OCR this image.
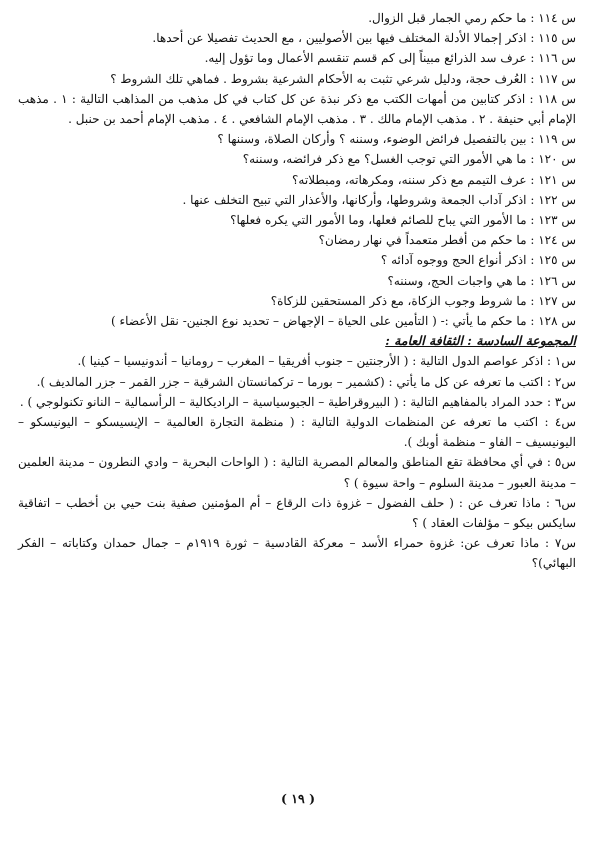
س ١١٤ : ما حكم رمي الجمار قبل الزوال.

س ١١٥ : اذكر إجمالا الأدلة المختلف فيها بين الأصوليين ، مع الحديث تفصيلا عن أحدها.

س ١١٦ : عرف سد الذرائع مبيناً إلى كم قسم تنقسم الأعمال وما تؤول إليه.

س ١١٧ : العُرف حجة، ودليل شرعي تثبت به الأحكام الشرعية بشروط . فماهي تلك الشروط ؟

س ١١٨ : اذكر كتابين من أمهات الكتب مع ذكر نبذة عن كل كتاب في كل مذهب من المذاهب التالية : ١ . مذهب الإمام أبي حنيفة . ٢ . مذهب الإمام مالك . ٣ . مذهب الإمام الشافعي . ٤ . مذهب الإمام أحمد بن حنبل .

س ١١٩ : بين بالتفصيل فرائض الوضوء، وسننه ؟ وأركان الصلاة، وسننها ؟

س ١٢٠ : ما هي الأمور التي توجب الغسل؟ مع ذكر فرائضه، وسننه؟

س ١٢١ : عرف التيمم مع ذكر سننه، ومكرهاته، ومبطلاته؟

س ١٢٢ : اذكر آداب الجمعة وشروطها، وأركانها، والأعذار التي تبيح التخلف عنها .

س ١٢٣ : ما الأمور التي يباح للصائم فعلها، وما الأمور التي يكره فعلها؟

س ١٢٤ : ما حكم من أفطر متعمداً في نهار رمضان؟

س ١٢٥ : اذكر أنواع الحج ووجوه آدائه ؟

س ١٢٦ : ما هي واجبات الحج، وسننه؟

س ١٢٧ : ما شروط وجوب الزكاة، مع ذكر المستحقين للزكاة؟

س ١٢٨ : ما حكم ما يأتي :- ( التأمين على الحياة – الإجهاض – تحديد نوع الجنين- نقل الأعضاء )

المجموعة السادسة : الثقافة العامة :

س١ : اذكر عواصم الدول التالية : ( الأرجنتين – جنوب أفريقيا – المغرب – رومانيا – أندونيسيا – كينيا ).

س٢ : اكتب ما تعرفه عن كل ما يأتي : (كشمير – بورما – تركمانستان الشرقية – جزر القمر – جزر المالديف ).

س٣ : حدد المراد بالمفاهيم التالية : ( البيروقراطية – الجيوسياسية – الراديكالية – الرأسمالية – النانو تكنولوجي ) .

س٤ : اكتب ما تعرفه عن المنظمات الدولية التالية : ( منظمة التجارة العالمية – الإيسيسكو – اليونيسكو – اليونيسيف – الفاو – منظمة أوبك ).

س٥ : في أي محافظة تقع المناطق والمعالم المصرية التالية : ( الواحات البحرية – وادي النطرون – مدينة العلمين – مدينة العبور – مدينة السلوم – واحة سيوة ) ؟

س٦ : ماذا تعرف عن : ( حلف الفضول – غزوة ذات الرقاع – أم المؤمنين صفية بنت حيي بن أخطب – اتفاقية سايكس بيكو – مؤلفات العقاد ) ؟

س٧ : ماذا تعرف عن: غزوة حمراء الأسد – معركة القادسية – ثورة ١٩١٩م – جمال حمدان وكتاباته – الفكر البهائي)؟

( ١٩ )
